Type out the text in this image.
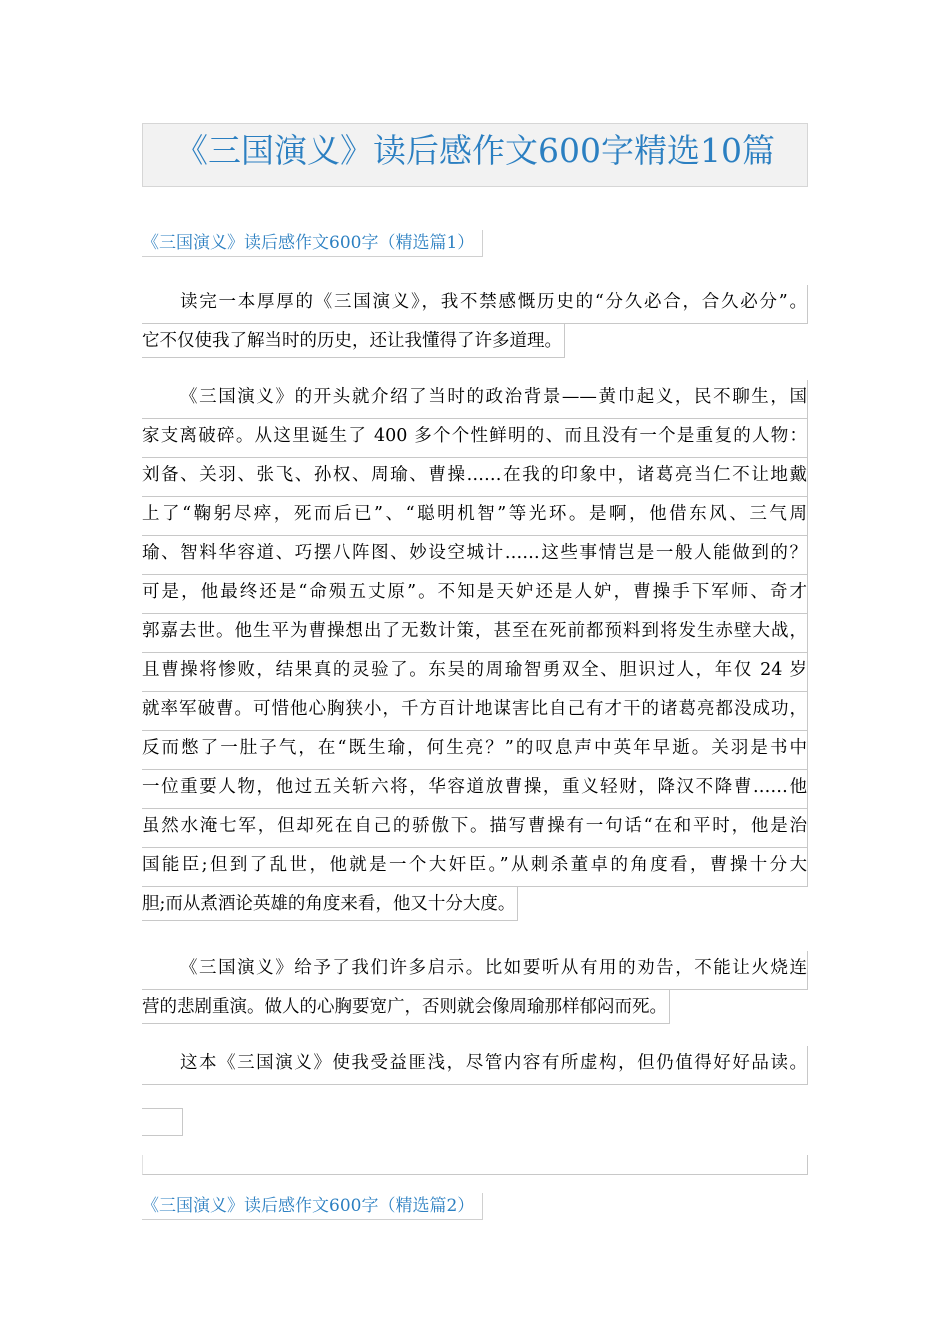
《三国演义》读后感作文600字精选10篇
《三国演义》读后感作文600字（精选篇1）
读完一本厚厚的《三国演义》，我不禁感慨历史的“分久必合，合久必分”。
它不仅使我了解当时的历史，还让我懂得了许多道理。
《三国演义》的开头就介绍了当时的政治背景——黄巾起义，民不聊生，国
家支离破碎。从这里诞生了 400 多个个性鲜明的、而且没有一个是重复的人物：
刘备、关羽、张飞、孙权、周瑜、曹操……在我的印象中，诸葛亮当仁不让地戴
上了“鞠躬尽瘁，死而后已”、“聪明机智”等光环。是啊，他借东风、三气周
瑜、智料华容道、巧摆八阵图、妙设空城计……这些事情岂是一般人能做到的？
可是，他最终还是“命殒五丈原”。不知是天妒还是人妒，曹操手下军师、奇才
郭嘉去世。他生平为曹操想出了无数计策，甚至在死前都预料到将发生赤壁大战，
且曹操将惨败，结果真的灵验了。东吴的周瑜智勇双全、胆识过人，年仅 24 岁
就率军破曹。可惜他心胸狭小，千方百计地谋害比自己有才干的诸葛亮都没成功，
反而憋了一肚子气，在“既生瑜，何生亮？”的叹息声中英年早逝。关羽是书中
一位重要人物，他过五关斩六将，华容道放曹操，重义轻财，降汉不降曹……他
虽然水淹七军，但却死在自己的骄傲下。描写曹操有一句话“在和平时，他是治
国能臣;但到了乱世，他就是一个大奸臣。”从刺杀董卓的角度看，曹操十分大
胆;而从煮酒论英雄的角度来看，他又十分大度。
《三国演义》给予了我们许多启示。比如要听从有用的劝告，不能让火烧连
营的悲剧重演。做人的心胸要宽广，否则就会像周瑜那样郁闷而死。
这本《三国演义》使我受益匪浅，尽管内容有所虚构，但仍值得好好品读。
《三国演义》读后感作文600字（精选篇2）
